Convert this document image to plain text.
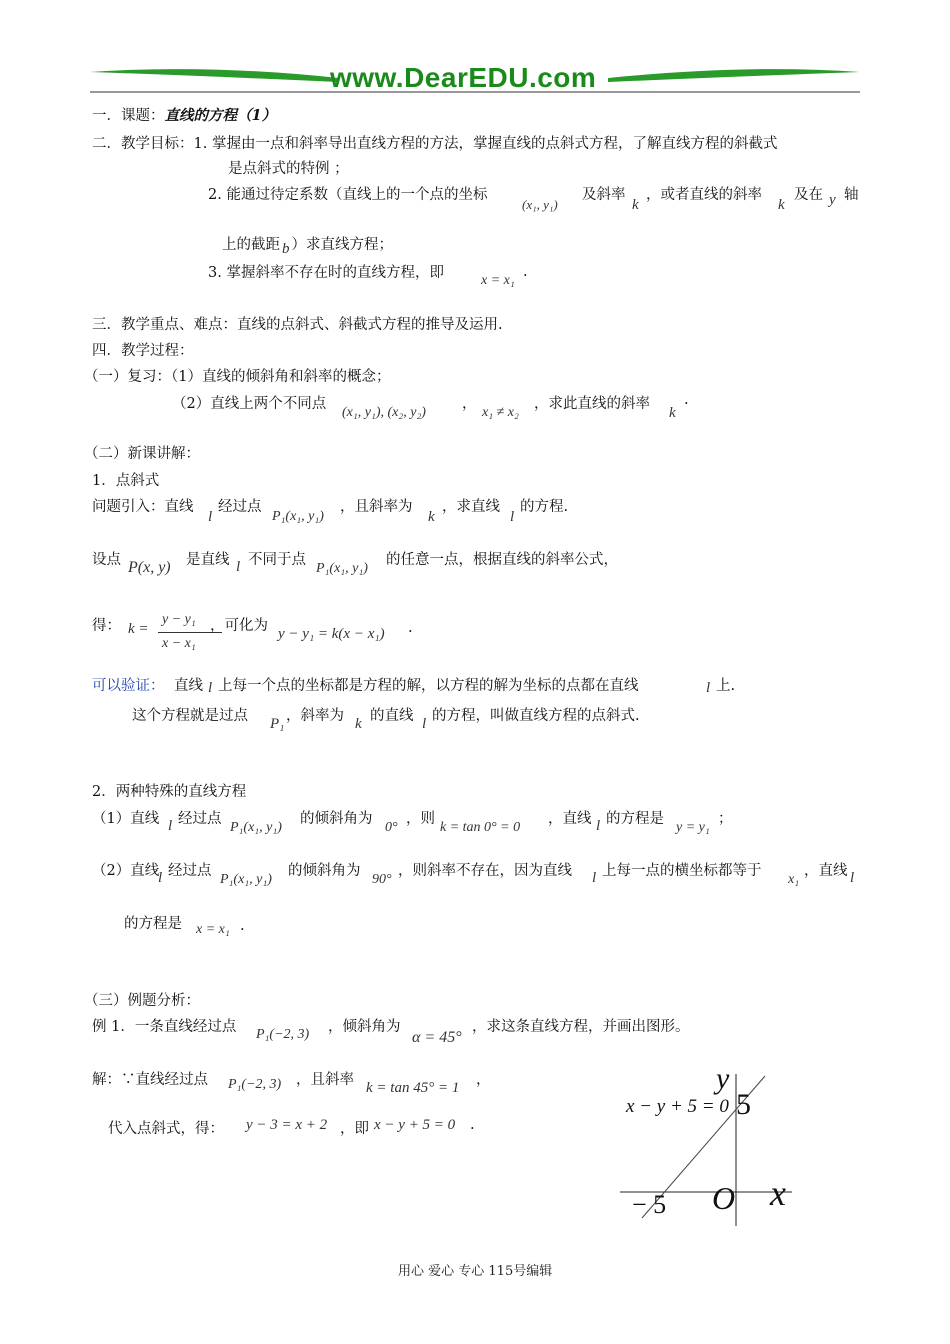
www.DearEDU.com
一．课题：直线的方程（1）
二．教学目标：1. 掌握由一点和斜率导出直线方程的方法，掌握直线的点斜式方程，了解直线方程的斜截式
是点斜式的特例 ；
2. 能通过待定系数（直线上的一个点的坐标
(x₁, y₁)
及斜率
k
，或者直线的斜率
k
及在 y 轴
上的截距 b ）求直线方程；
3. 掌握斜率不存在时的直线方程，即	x = x₁
.
三．教学重点、难点：直线的点斜式、斜截式方程的推导及运用.
四．教学过程：
（一）复习：（1）直线的倾斜角和斜率的概念；
（2）直线上两个不同点
(x₁, y₁), (x₂, y₂)
，
x₁ ≠ x₂
，求此直线的斜率
k
.
（二）新课讲解：
1．点斜式
问题引入：直线
l
经过点
P₁(x₁, y₁)
，且斜率为
k
，求直线
l
的方程.
设点 P(x, y) 是直线 l 不同于点
P₁(x₁, y₁)
的任意一点，根据直线的斜率公式，
得： k =
y − y₁
x − x₁
，可化为 y − y₁ = k(x − x₁) .
可以验证： 直线 l 上每一个点的坐标都是方程的解，以方程的解为坐标的点都在直线	l 上.
这个方程就是过点 P₁ ，斜率为 k 的直线 l 的方程，叫做直线方程的点斜式.
2．两种特殊的直线方程
（1）直线 l 经过点
P₁(x₁, y₁)
的倾斜角为
0°
，则
k = tan 0° = 0
，直线 l 的方程是
y = y₁
；
（2）直线
l 经过点
P₁(x₁, y₁)
的倾斜角为
90°
，则斜率不存在，因为直线 l 上每一点的横坐标都等于
x₁
，直线 l
的方程是 x = x₁ .
（三）例题分析：
例 1．一条直线经过点 P₁(−2, 3) ，倾斜角为
α = 45°
，求这条直线方程，并画出图形。
解：∵直线经过点 P₁(−2, 3) ，且斜率 k = tan 45° = 1 ，
代入点斜式，得： y − 3 = x + 2 ，即 x − y + 5 = 0 .
y
x − y + 5 = 0 5
− 5 O x
用心 爱心 专心 115号编辑
